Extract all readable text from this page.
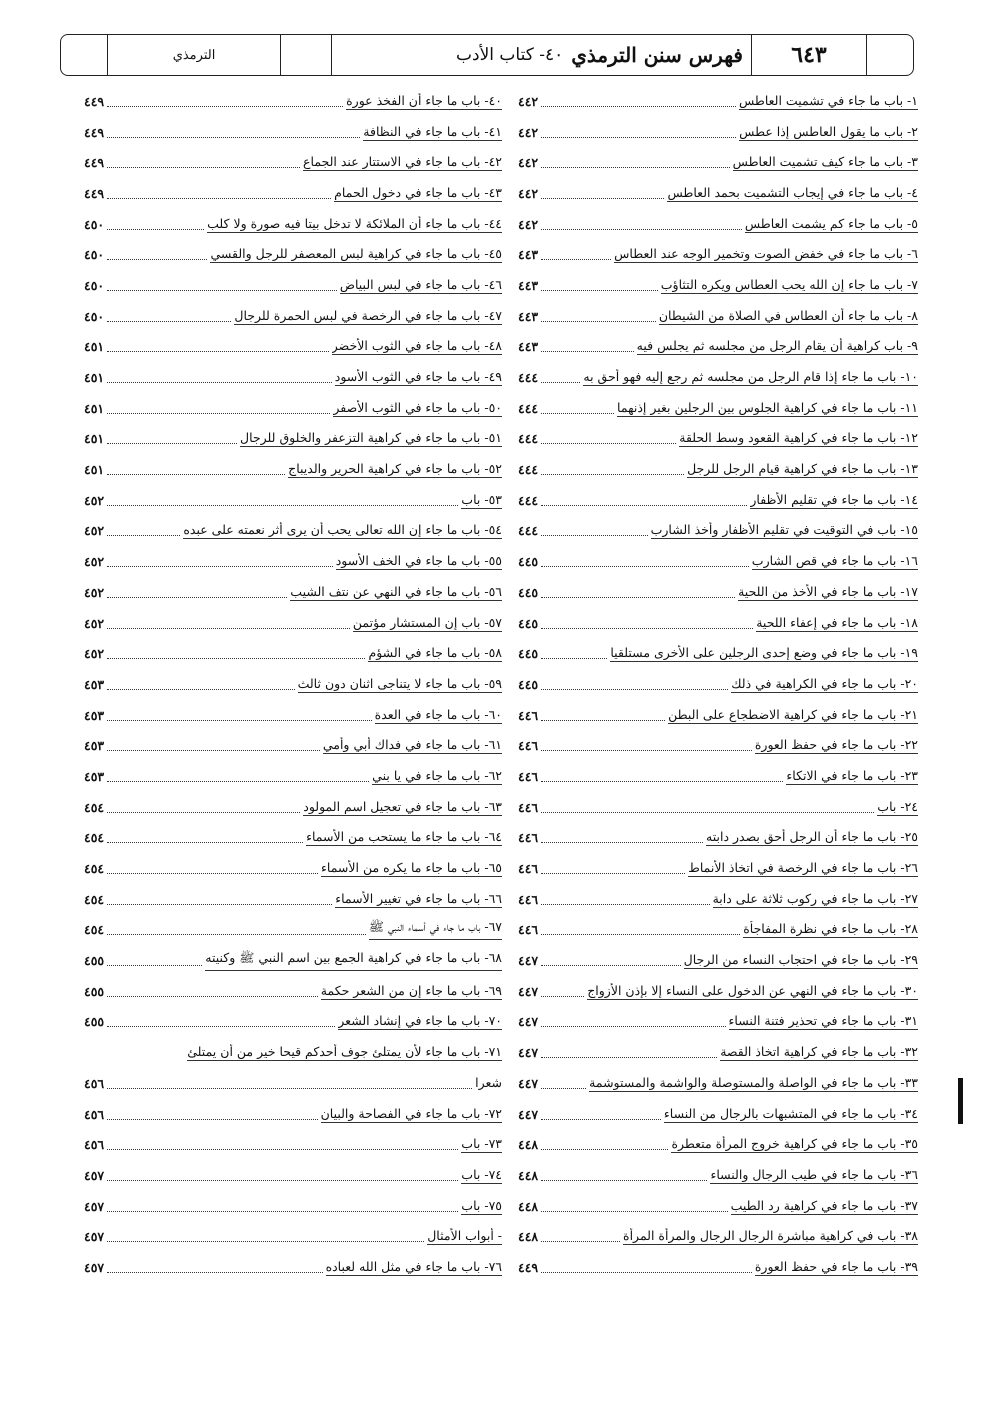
٦٤٣
فهرس سنن الترمذي
٤٠- كتاب الأدب
الترمذي
١- باب ما جاء في تشميت العاطس
٤٤٢
٢- باب ما يقول العاطس إذا عطس
٤٤٢
٣- باب ما جاء كيف تشميت العاطس
٤٤٢
٤- باب ما جاء في إيجاب التشميت بحمد العاطس
٤٤٢
٥- باب ما جاء كم يشمت العاطس
٤٤٢
٦- باب ما جاء في خفض الصوت وتخمير الوجه عند العطاس
٤٤٣
٧- باب ما جاء إن الله يحب العطاس ويكره التثاؤب
٤٤٣
٨- باب ما جاء أن العطاس في الصلاة من الشيطان
٤٤٣
٩- باب كراهية أن يقام الرجل من مجلسه ثم يجلس فيه
٤٤٣
١٠- باب ما جاء إذا قام الرجل من مجلسه ثم رجع إليه فهو أحق به
٤٤٤
١١- باب ما جاء في كراهية الجلوس بين الرجلين بغير إذنهما
٤٤٤
١٢- باب ما جاء في كراهية القعود وسط الحلقة
٤٤٤
١٣- باب ما جاء في كراهية قيام الرجل للرجل
٤٤٤
١٤- باب ما جاء في تقليم الأظفار
٤٤٤
١٥- باب في التوقيت في تقليم الأظفار وأخذ الشارب
٤٤٤
١٦- باب ما جاء في قص الشارب
٤٤٥
١٧- باب ما جاء في الأخذ من اللحية
٤٤٥
١٨- باب ما جاء في إعفاء اللحية
٤٤٥
١٩- باب ما جاء في وضع إحدى الرجلين على الأخرى مستلقيا
٤٤٥
٢٠- باب ما جاء في الكراهية في ذلك
٤٤٥
٢١- باب ما جاء في كراهية الاضطجاع على البطن
٤٤٦
٢٢- باب ما جاء في حفظ العورة
٤٤٦
٢٣- باب ما جاء في الاتكاء
٤٤٦
٢٤- باب
٤٤٦
٢٥- باب ما جاء أن الرجل أحق بصدر دابته
٤٤٦
٢٦- باب ما جاء في الرخصة في اتخاذ الأنماط
٤٤٦
٢٧- باب ما جاء في ركوب ثلاثة على دابة
٤٤٦
٢٨- باب ما جاء في نظرة المفاجأة
٤٤٦
٢٩- باب ما جاء في احتجاب النساء من الرجال
٤٤٧
٣٠- باب ما جاء في النهي عن الدخول على النساء إلا بإذن الأزواج
٤٤٧
٣١- باب ما جاء في تحذير فتنة النساء
٤٤٧
٣٢- باب ما جاء في كراهية اتخاذ القصة
٤٤٧
٣٣- باب ما جاء في الواصلة والمستوصلة والواشمة والمستوشمة
٤٤٧
٣٤- باب ما جاء في المتشبهات بالرجال من النساء
٤٤٧
٣٥- باب ما جاء في كراهية خروج المرأة متعطرة
٤٤٨
٣٦- باب ما جاء في طيب الرجال والنساء
٤٤٨
٣٧- باب ما جاء في كراهية رد الطيب
٤٤٨
٣٨- باب في كراهية مباشرة الرجال الرجال والمرأة المرأة
٤٤٨
٣٩- باب ما جاء في حفظ العورة
٤٤٩
٤٠- باب ما جاء أن الفخذ عورة
٤٤٩
٤١- باب ما جاء في النظافة
٤٤٩
٤٢- باب ما جاء في الاستتار عند الجماع
٤٤٩
٤٣- باب ما جاء في دخول الحمام
٤٤٩
٤٤- باب ما جاء أن الملائكة لا تدخل بيتا فيه صورة ولا كلب
٤٥٠
٤٥- باب ما جاء في كراهية لبس المعصفر للرجل والقسي
٤٥٠
٤٦- باب ما جاء في لبس البياض
٤٥٠
٤٧- باب ما جاء في الرخصة في لبس الحمرة للرجال
٤٥٠
٤٨- باب ما جاء في الثوب الأخضر
٤٥١
٤٩- باب ما جاء في الثوب الأسود
٤٥١
٥٠- باب ما جاء في الثوب الأصفر
٤٥١
٥١- باب ما جاء في كراهية التزعفر والخلوق للرجال
٤٥١
٥٢- باب ما جاء في كراهية الحرير والديباج
٤٥١
٥٣- باب
٤٥٢
٥٤- باب ما جاء إن الله تعالى يحب أن يرى أثر نعمته على عبده
٤٥٢
٥٥- باب ما جاء في الخف الأسود
٤٥٢
٥٦- باب ما جاء في النهي عن نتف الشيب
٤٥٢
٥٧- باب إن المستشار مؤتمن
٤٥٢
٥٨- باب ما جاء في الشؤم
٤٥٢
٥٩- باب ما جاء لا يتناجى اثنان دون ثالث
٤٥٣
٦٠- باب ما جاء في العدة
٤٥٣
٦١- باب ما جاء في فداك أبي وأمي
٤٥٣
٦٢- باب ما جاء في يا بني
٤٥٣
٦٣- باب ما جاء في تعجيل اسم المولود
٤٥٤
٦٤- باب ما جاء ما يستحب من الأسماء
٤٥٤
٦٥- باب ما جاء ما يكره من الأسماء
٤٥٤
٦٦- باب ما جاء في تغيير الأسماء
٤٥٤
٦٧- باب ما جاء في أسماء النبي ﷺ
٤٥٤
٦٨- باب ما جاء في كراهية الجمع بين اسم النبي ﷺ وكنيته
٤٥٥
٦٩- باب ما جاء إن من الشعر حكمة
٤٥٥
٧٠- باب ما جاء في إنشاد الشعر
٤٥٥
٧١- باب ما جاء لأن يمتلئ جوف أحدكم قيحا خير من أن يمتلئ
شعرا
٤٥٦
٧٢- باب ما جاء في الفصاحة والبيان
٤٥٦
٧٣- باب
٤٥٦
٧٤- باب
٤٥٧
٧٥- باب
٤٥٧
- أبواب الأمثال
٤٥٧
٧٦- باب ما جاء في مثل الله لعباده
٤٥٧
